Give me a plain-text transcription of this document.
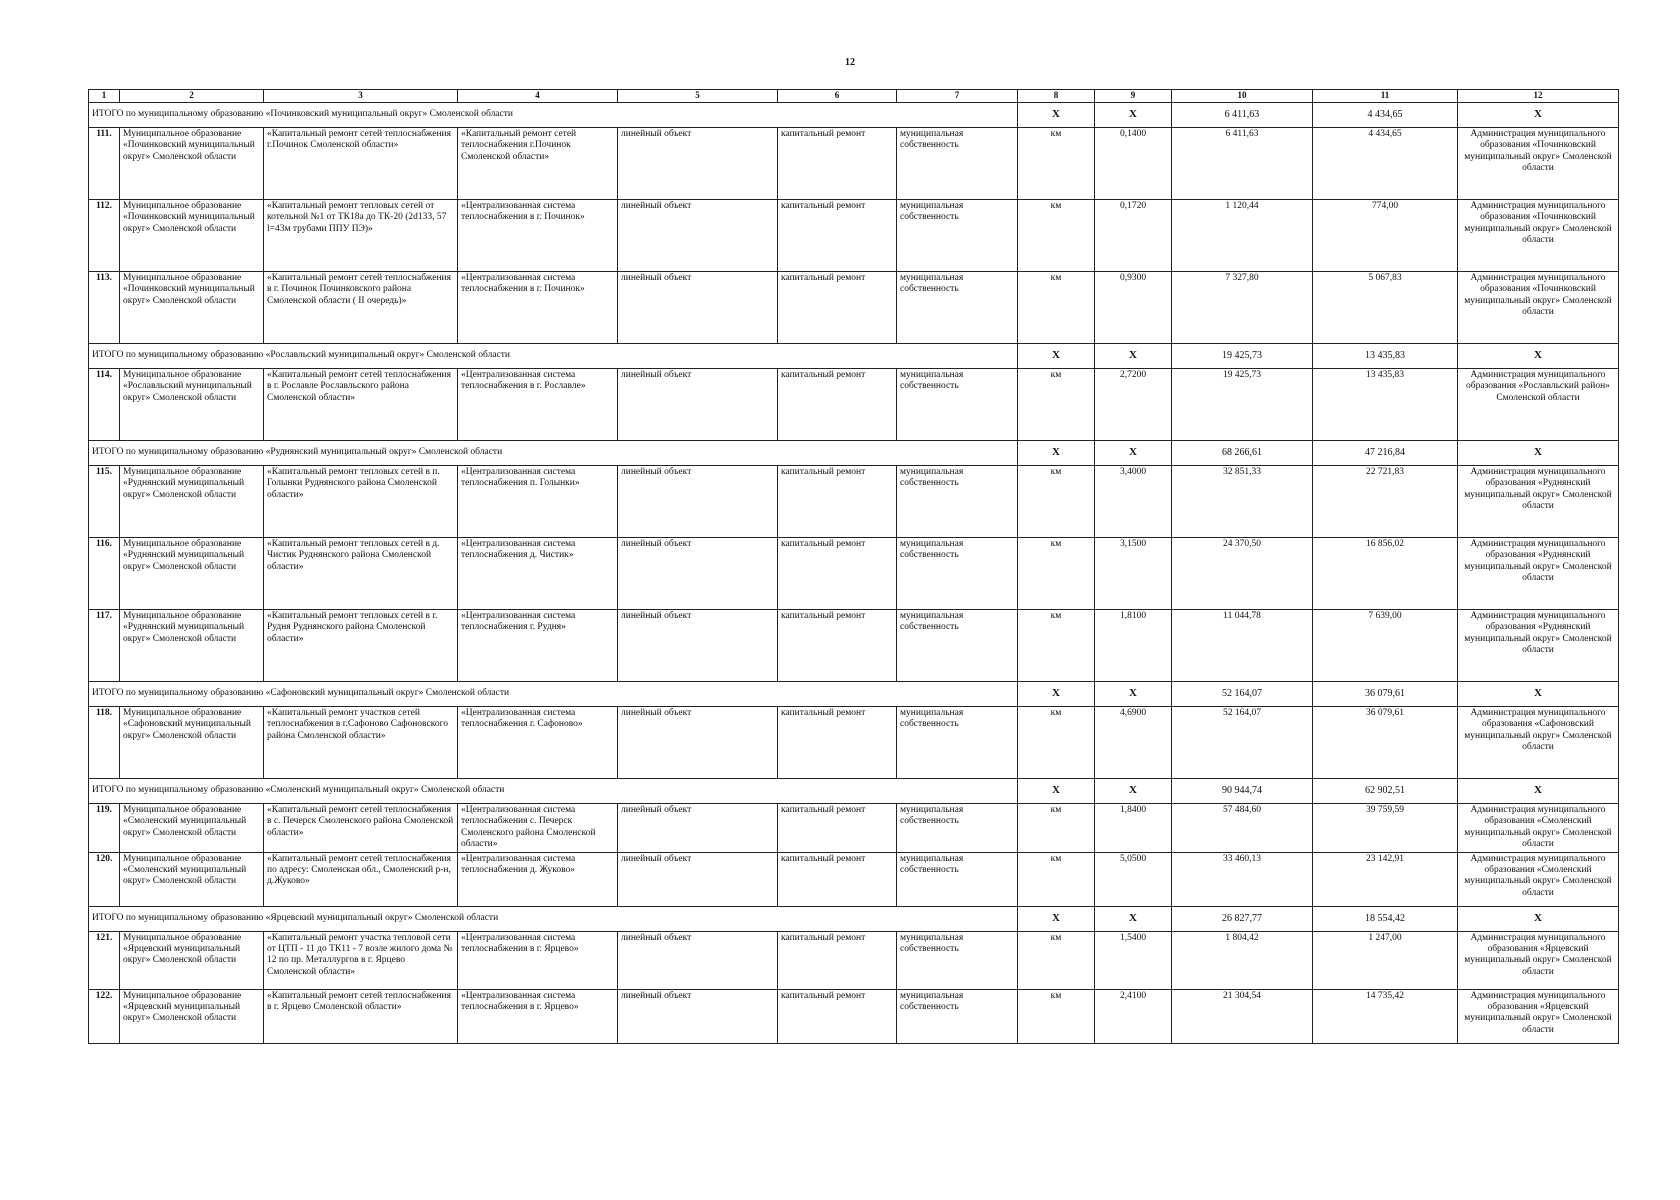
12
1	2	3	4	5	6	7	8	9	10	11	12
ИТОГО по муниципальному образованию «Починковский муниципальный округ» Смоленской области							X	X	6 411,63	4 434,65	X
111.	Муниципальное образование «Починковский муниципальный округ» Смоленской области	«Капитальный ремонт сетей теплоснабжения г.Починок Смоленской области»	«Капитальный ремонт сетей теплоснабжения г.Починок Смоленской области»	линейный объект	капитальный ремонт	муниципальная собственность	км	0,1400	6 411,63	4 434,65	Администрация муниципального образования «Починковский муниципальный округ» Смоленской области
112.	Муниципальное образование «Починковский муниципальный округ» Смоленской области	«Капитальный ремонт тепловых сетей от котельной №1 от ТК18а до ТК-20 (2d133, 57 l=43м трубами ППУ ПЭ)»	«Централизованная система теплоснабжения в г. Починок»	линейный объект	капитальный ремонт	муниципальная собственность	км	0,1720	1 120,44	774,00	Администрация муниципального образования «Починковский муниципальный округ» Смоленской области
113.	Муниципальное образование «Починковский муниципальный округ» Смоленской области	«Капитальный ремонт сетей теплоснабжения в г. Починок Починковского района Смоленской области ( II очередь)»	«Централизованная система теплоснабжения в г. Починок»	линейный объект	капитальный ремонт	муниципальная собственность	км	0,9300	7 327,80	5 067,83	Администрация муниципального образования «Починковский муниципальный округ» Смоленской области
ИТОГО по муниципальному образованию «Рославльский муниципальный округ» Смоленской области							X	X	19 425,73	13 435,83	X
114.	Муниципальное образование «Рославльский муниципальный округ» Смоленской области	«Капитальный ремонт сетей теплоснабжения в г. Рославле Рославльского района Смоленской области»	«Централизованная система теплоснабжения в г. Рославле»	линейный объект	капитальный ремонт	муниципальная собственность	км	2,7200	19 425,73	13 435,83	Администрация муниципального образования «Рославльский район» Смоленской области
ИТОГО по муниципальному образованию «Руднянский муниципальный округ» Смоленской области							X	X	68 266,61	47 216,84	X
115.	Муниципальное образование «Руднянский муниципальный округ» Смоленской области	«Капитальный ремонт тепловых сетей в п. Голынки Руднянского района Смоленской области»	«Централизованная система теплоснабжения п. Голынки»	линейный объект	капитальный ремонт	муниципальная собственность	км	3,4000	32 851,33	22 721,83	Администрация муниципального образования «Руднянский муниципальный округ» Смоленской области
116.	Муниципальное образование «Руднянский муниципальный округ» Смоленской области	«Капитальный ремонт тепловых сетей в д. Чистик Руднянского района Смоленской области»	«Централизованная система теплоснабжения д. Чистик»	линейный объект	капитальный ремонт	муниципальная собственность	км	3,1500	24 370,50	16 856,02	Администрация муниципального образования «Руднянский муниципальный округ» Смоленской области
117.	Муниципальное образование «Руднянский муниципальный округ» Смоленской области	«Капитальный ремонт тепловых сетей в г. Рудня Руднянского района Смоленской области»	«Централизованная система теплоснабжения г. Рудня»	линейный объект	капитальный ремонт	муниципальная собственность	км	1,8100	11 044,78	7 639,00	Администрация муниципального образования «Руднянский муниципальный округ» Смоленской области
ИТОГО по муниципальному образованию «Сафоновский муниципальный округ» Смоленской области							X	X	52 164,07	36 079,61	X
118.	Муниципальное образование «Сафоновский муниципальный округ» Смоленской области	«Капитальный ремонт участков сетей теплоснабжения в г.Сафоново Сафоновского района Смоленской области»	«Централизованная система теплоснабжения г. Сафоново»	линейный объект	капитальный ремонт	муниципальная собственность	км	4,6900	52 164,07	36 079,61	Администрация муниципального образования «Сафоновский муниципальный округ» Смоленской области
ИТОГО по муниципальному образованию «Смоленский муниципальный округ» Смоленской области							X	X	90 944,74	62 902,51	X
119.	Муниципальное образование «Смоленский муниципальный округ» Смоленской области	«Капитальный ремонт сетей теплоснабжения в с. Печерск Смоленского района Смоленской области»	«Централизованная система теплоснабжения с. Печерск Смоленского района Смоленской области»	линейный объект	капитальный ремонт	муниципальная собственность	км	1,8400	57 484,60	39 759,59	Администрация муниципального образования «Смоленский муниципальный округ» Смоленской области
120.	Муниципальное образование «Смоленский муниципальный округ» Смоленской области	«Капитальный ремонт сетей теплоснабжения по адресу: Смоленская обл., Смоленский р-н, д.Жуково»	«Централизованная система теплоснабжения д. Жуково»	линейный объект	капитальный ремонт	муниципальная собственность	км	5,0500	33 460,13	23 142,91	Администрация муниципального образования «Смоленский муниципальный округ» Смоленской области
ИТОГО по муниципальному образованию «Ярцевский муниципальный округ» Смоленской области							X	X	26 827,77	18 554,42	X
121.	Муниципальное образование «Ярцевский муниципальный округ» Смоленской области	«Капитальный ремонт участка тепловой сети от ЦТП - 11 до ТК11 - 7 возле жилого дома № 12 по пр. Металлургов в г. Ярцево Смоленской области»	«Централизованная система теплоснабжения в г. Ярцево»	линейный объект	капитальный ремонт	муниципальная собственность	км	1,5400	1 804,42	1 247,00	Администрация муниципального образования «Ярцевский муниципальный округ» Смоленской области
122.	Муниципальное образование «Ярцевский муниципальный округ» Смоленской области	«Капитальный ремонт сетей теплоснабжения в г. Ярцево Смоленской области»	«Централизованная система теплоснабжения в г. Ярцево»	линейный объект	капитальный ремонт	муниципальная собственность	км	2,4100	21 304,54	14 735,42	Администрация муниципального образования «Ярцевский муниципальный округ» Смоленской области
